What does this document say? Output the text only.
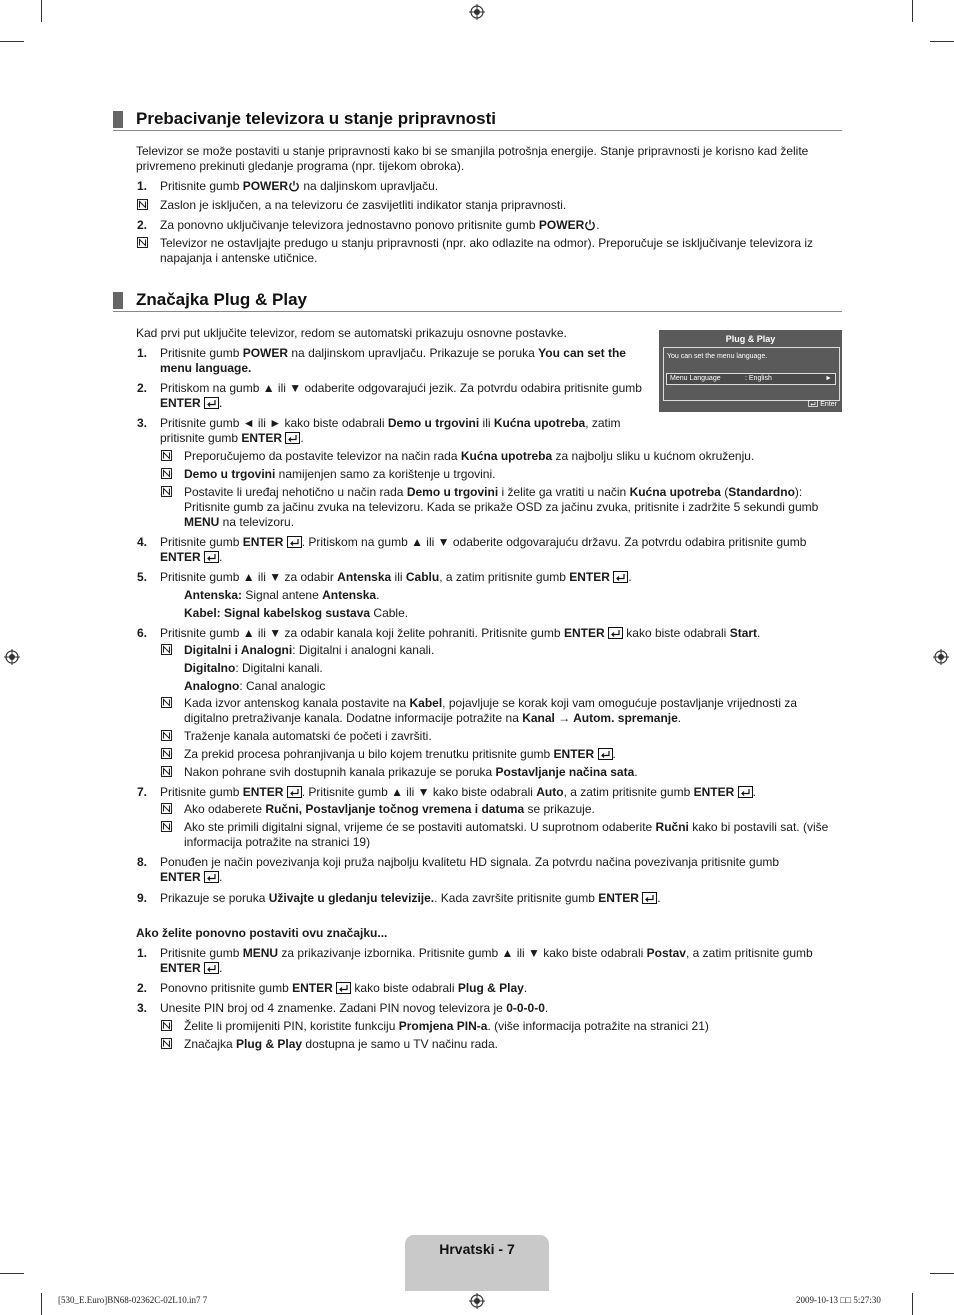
Prebacivanje televizora u stanje pripravnosti
Televizor se može postaviti u stanje pripravnosti kako bi se smanjila potrošnja energije. Stanje pripravnosti je korisno kad želite privremeno prekinuti gledanje programa (npr. tijekom obroka).
1. Pritisnite gumb POWER na daljinskom upravljaču.
Zaslon je isključen, a na televizoru će zasvijetliti indikator stanja pripravnosti.
2. Za ponovno uključivanje televizora jednostavno ponovo pritisnite gumb POWER .
Televizor ne ostavljajte predugo u stanju pripravnosti (npr. ako odlazite na odmor). Preporučuje se isključivanje televizora iz napajanja i antenske utičnice.
Značajka Plug & Play
Kad prvi put uključite televizor, redom se automatski prikazuju osnovne postavke.	Plug & Play
You can set the menu language.
Menu Language	: English	►
Enter
1. Pritisnite gumb POWER na daljinskom upravljaču. Prikazuje se poruka You can set the
menu language.
2. Pritiskom na gumb ▲ ili ▼ odaberite odgovarajući jezik. Za potvrdu odabira pritisnite gumb
ENTER .
3. Pritisnite gumb ◄ ili ► kako biste odabrali Demo u trgovini ili Kućna upotreba, zatim
pritisnite gumb ENTER .
Preporučujemo da postavite televizor na način rada Kućna upotreba za najbolju sliku u kućnom okruženju.
Demo u trgovini namijenjen samo za korištenje u trgovini.
Postavite li uređaj nehotično u način rada Demo u trgovini i želite ga vratiti u način Kućna upotreba (Standardno):
Pritisnite gumb za jačinu zvuka na televizoru. Kada se prikaže OSD za jačinu zvuka, pritisnite i zadržite 5 sekundi gumb
MENU na televizoru.
4. Pritisnite gumb ENTER . Pritiskom na gumb ▲ ili ▼ odaberite odgovarajuću državu. Za potvrdu odabira pritisnite gumb
ENTER .
5. Pritisnite gumb ▲ ili ▼ za odabir Antenska ili Cablu, a zatim pritisnite gumb ENTER .
Antenska: Signal antene Antenska.
Kabel: Signal kabelskog sustava Cable.
6. Pritisnite gumb ▲ ili ▼ za odabir kanala koji želite pohraniti. Pritisnite gumb ENTER  kako biste odabrali Start.
Digitalni i Analogni: Digitalni i analogni kanali.
Digitalno: Digitalni kanali.
Analogno: Canal analogic
Kada izvor antenskog kanala postavite na Kabel, pojavljuje se korak koji vam omogućuje postavljanje vrijednosti za
digitalno pretraživanje kanala. Dodatne informacije potražite na Kanal → Autom. spremanje.
Traženje kanala automatski će početi i završiti.
Za prekid procesa pohranjivanja u bilo kojem trenutku pritisnite gumb ENTER .
Nakon pohrane svih dostupnih kanala prikazuje se poruka Postavljanje načina sata.
7. Pritisnite gumb ENTER . Pritisnite gumb ▲ ili ▼ kako biste odabrali Auto, a zatim pritisnite gumb ENTER .
Ako odaberete Ručni, Postavljanje točnog vremena i datuma se prikazuje.
Ako ste primili digitalni signal, vrijeme će se postaviti automatski. U suprotnom odaberite Ručni kako bi postavili sat. (više
informacija potražite na stranici 19)
8. Ponuđen je način povezivanja koji pruža najbolju kvalitetu HD signala. Za potvrdu načina povezivanja pritisnite gumb
ENTER .
9. Prikazuje se poruka Uživajte u gledanju televizije.. Kada završite pritisnite gumb ENTER .
Ako želite ponovno postaviti ovu značajku...
1. Pritisnite gumb MENU za prikazivanje izbornika. Pritisnite gumb ▲ ili ▼ kako biste odabrali Postav, a zatim pritisnite gumb
ENTER .
2. Ponovno pritisnite gumb ENTER  kako biste odabrali Plug & Play.
3. Unesite PIN broj od 4 znamenke. Zadani PIN novog televizora je 0-0-0-0.
Želite li promijeniti PIN, koristite funkciju Promjena PIN-a. (više informacija potražite na stranici 21)
Značajka Plug & Play dostupna je samo u TV načinu rada.
Hrvatski - 7
[530_E.Euro]BN68-02362C-02L10.in7 7	2009-10-13 □□ 5:27:30
